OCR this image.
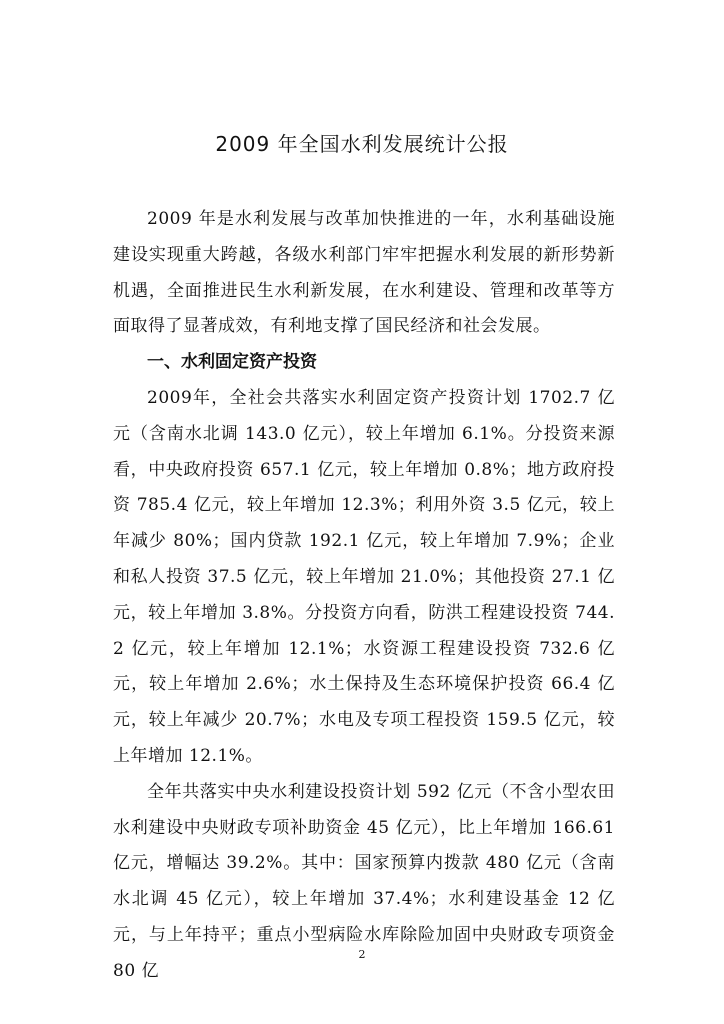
2009 年全国水利发展统计公报

2009 年是水利发展与改革加快推进的一年，水利基础设施建设实现重大跨越，各级水利部门牢牢把握水利发展的新形势新机遇，全面推进民生水利新发展，在水利建设、管理和改革等方面取得了显著成效，有利地支撑了国民经济和社会发展。

一、水利固定资产投资

2009年，全社会共落实水利固定资产投资计划 1702.7 亿元（含南水北调 143.0 亿元），较上年增加 6.1%。分投资来源看，中央政府投资 657.1 亿元，较上年增加 0.8%；地方政府投资 785.4 亿元，较上年增加 12.3%；利用外资 3.5 亿元，较上年减少 80%；国内贷款 192.1 亿元，较上年增加 7.9%；企业和私人投资 37.5 亿元，较上年增加 21.0%；其他投资 27.1 亿元，较上年增加 3.8%。分投资方向看，防洪工程建设投资 744.2 亿元，较上年增加 12.1%；水资源工程建设投资 732.6 亿元，较上年增加 2.6%；水土保持及生态环境保护投资 66.4 亿元，较上年减少 20.7%；水电及专项工程投资 159.5 亿元，较上年增加 12.1%。

全年共落实中央水利建设投资计划 592 亿元（不含小型农田水利建设中央财政专项补助资金 45 亿元），比上年增加 166.61 亿元，增幅达 39.2%。其中：国家预算内拨款 480 亿元（含南水北调 45 亿元），较上年增加 37.4%；水利建设基金 12 亿元，与上年持平；重点小型病险水库除险加固中央财政专项资金 80 亿

2
